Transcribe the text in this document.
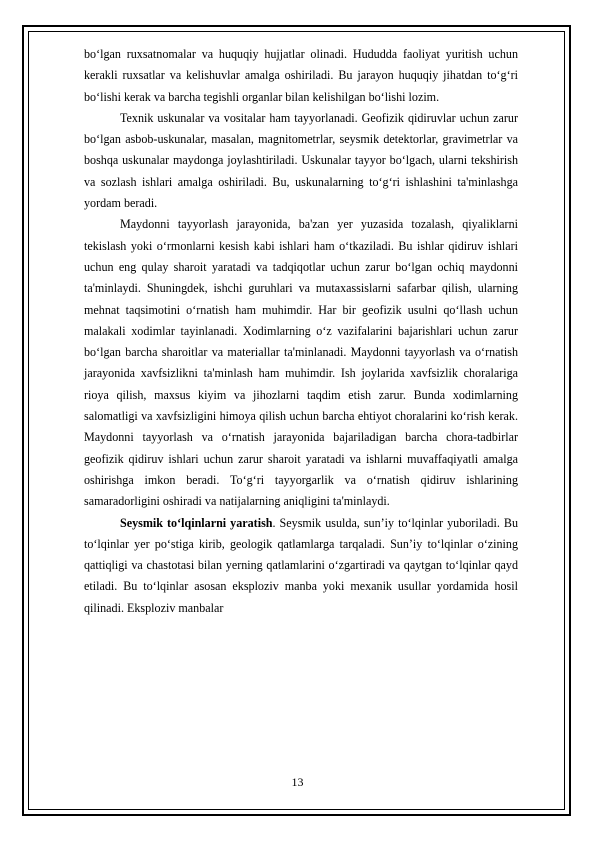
bo‘lgan ruxsatnomalar va huquqiy hujjatlar olinadi. Hududda faoliyat yuritish uchun kerakli ruxsatlar va kelishuvlar amalga oshiriladi. Bu jarayon huquqiy jihatdan to‘g‘ri bo‘lishi kerak va barcha tegishli organlar bilan kelishilgan bo‘lishi lozim.

Texnik uskunalar va vositalar ham tayyorlanadi. Geofizik qidiruvlar uchun zarur bo‘lgan asbob-uskunalar, masalan, magnitometrlar, seysmik detektorlar, gravimetrlar va boshqa uskunalar maydonga joylashtiriladi. Uskunalar tayyor bo‘lgach, ularni tekshirish va sozlash ishlari amalga oshiriladi. Bu, uskunalarning to‘g‘ri ishlashini ta'minlashga yordam beradi.

Maydonni tayyorlash jarayonida, ba'zan yer yuzasida tozalash, qiyaliklarni tekislash yoki o‘rmonlarni kesish kabi ishlari ham o‘tkaziladi. Bu ishlar qidiruv ishlari uchun eng qulay sharoit yaratadi va tadqiqotlar uchun zarur bo‘lgan ochiq maydonni ta'minlaydi. Shuningdek, ishchi guruhlari va mutaxassislarni safarbar qilish, ularning mehnat taqsimotini o‘rnatish ham muhimdir. Har bir geofizik usulni qo‘llash uchun malakali xodimlar tayinlanadi. Xodimlarning o‘z vazifalarini bajarishlari uchun zarur bo‘lgan barcha sharoitlar va materiallar ta'minlanadi. Maydonni tayyorlash va o‘rnatish jarayonida xavfsizlikni ta'minlash ham muhimdir. Ish joylarida xavfsizlik choralariga rioya qilish, maxsus kiyim va jihozlarni taqdim etish zarur. Bunda xodimlarning salomatligi va xavfsizligini himoya qilish uchun barcha ehtiyot choralarini ko‘rish kerak. Maydonni tayyorlash va o‘rnatish jarayonida bajariladigan barcha chora-tadbirlar geofizik qidiruv ishlari uchun zarur sharoit yaratadi va ishlarni muvaffaqiyatli amalga oshirishga imkon beradi. To‘g‘ri tayyorgarlik va o‘rnatish qidiruv ishlarining samaradorligini oshiradi va natijalarning aniqligini ta'minlaydi.

Seysmik to‘lqinlarni yaratish. Seysmik usulda, sun’iy to‘lqinlar yuboriladi. Bu to‘lqinlar yer po‘stiga kirib, geologik qatlamlarga tarqaladi. Sun’iy to‘lqinlar o‘zining qattiqligi va chastotasi bilan yerning qatlamlarini o‘zgartiradi va qaytgan to‘lqinlar qayd etiladi. Bu to‘lqinlar asosan eksploziv manba yoki mexanik usullar yordamida hosil qilinadi. Eksploziv manbalar

13
